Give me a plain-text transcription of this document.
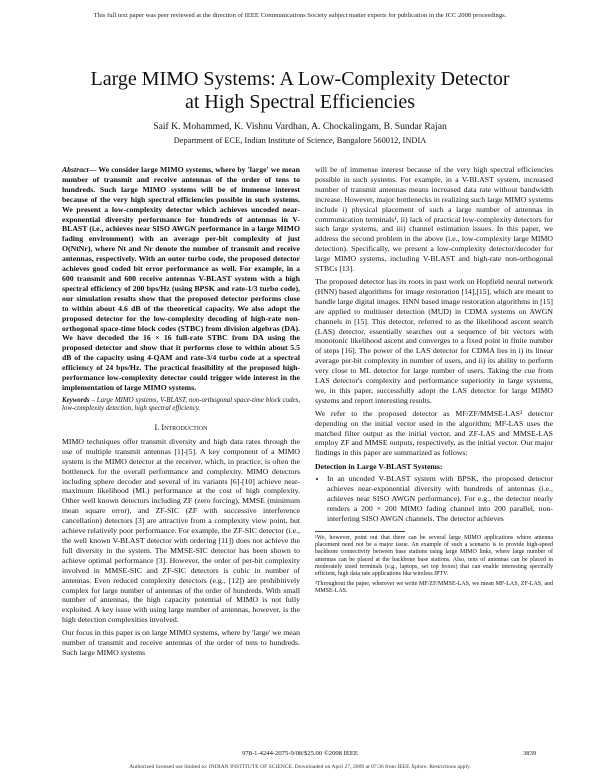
This full text paper was peer reviewed at the direction of IEEE Communications Society subject matter experts for publication in the ICC 2008 proceedings.
Large MIMO Systems: A Low-Complexity Detector
at High Spectral Efficiencies
Saif K. Mohammed, K. Vishnu Vardhan, A. Chockalingam, B. Sundar Rajan
Department of ECE, Indian Institute of Science, Bangalore 560012, INDIA

Abstract— We consider large MIMO systems, where by 'large' we mean number of transmit and receive antennas of the order of tens to hundreds. Such large MIMO systems will be of immense interest because of the very high spectral efficiencies possible in such systems. We present a low-complexity detector which achieves uncoded near-exponential diversity performance for hundreds of antennas in V-BLAST (i.e., achieves near SISO AWGN performance in a large MIMO fading environment) with an average per-bit complexity of just O(NtNr), where Nt and Nr denote the number of transmit and receive antennas, respectively. With an outer turbo code, the proposed detector achieves good coded bit error performance as well. For example, in a 600 transmit and 600 receive antennas V-BLAST system with a high spectral efficiency of 200 bps/Hz (using BPSK and rate-1/3 turbo code), our simulation results show that the proposed detector performs close to within about 4.6 dB of the theoretical capacity. We also adopt the proposed detector for the low-complexity decoding of high-rate non-orthogonal space-time block codes (STBC) from division algebras (DA). We have decoded the 16 × 16 full-rate STBC from DA using the proposed detector and show that it performs close to within about 5.5 dB of the capacity using 4-QAM and rate-3/4 turbo code at a spectral efficiency of 24 bps/Hz. The practical feasibility of the proposed high-performance low-complexity detector could trigger wide interest in the implementation of large MIMO systems.

Keywords – Large MIMO systems, V-BLAST, non-orthogonal space-time block codes, low-complexity detection, high spectral efficiency.

I. Introduction

MIMO techniques offer transmit diversity and high data rates through the use of multiple transmit antennas [1]-[5]. A key component of a MIMO system is the MIMO detector at the receiver, which, in practice, is often the bottleneck for the overall performance and complexity. MIMO detectors including sphere decoder and several of its variants [6]-[10] achieve near-maximum likelihood (ML) performance at the cost of high complexity. Other well known detectors including ZF (zero forcing), MMSE (minimum mean square error), and ZF-SIC (ZF with successive interference cancellation) detectors [3] are attractive from a complexity view point, but achieve relatively poor performance. For example, the ZF-SIC detector (i.e., the well known V-BLAST detector with ordering [11]) does not achieve the full diversity in the system. The MMSE-SIC detector has been shown to achieve optimal performance [3]. However, the order of per-bit complexity involved in MMSE-SIC and ZF-SIC detectors is cubic in number of antennas. Even reduced complexity detectors (e.g., [12]) are prohibitively complex for large number of antennas of the order of hundreds. With small number of antennas, the high capacity potential of MIMO is not fully exploited. A key issue with using large number of antennas, however, is the high detection complexities involved.

Our focus in this paper is on large MIMO systems, where by 'large' we mean number of transmit and receive antennas of the order of tens to hundreds. Such large MIMO systems

will be of immense interest because of the very high spectral efficiencies possible in such systems. For example, in a V-BLAST system, increased number of transmit antennas means increased data rate without bandwidth increase. However, major bottlenecks in realizing such large MIMO systems include i) physical placement of such a large number of antennas in communication terminals¹, ii) lack of practical low-complexity detectors for such large systems, and iii) channel estimation issues. In this paper, we address the second problem in the above (i.e., low-complexity large MIMO detection). Specifically, we present a low-complexity detector/decoder for large MIMO systems, including V-BLAST and high-rate non-orthogonal STBCs [13].

The proposed detector has its roots in past work on Hopfield neural network (HNN) based algorithms for image restoration [14],[15], which are meant to handle large digital images. HNN based image restoration algorithms in [15] are applied to multiuser detection (MUD) in CDMA systems on AWGN channels in [15]. This detector, referred to as the likelihood ascent search (LAS) detector, essentially searches out a sequence of bit vectors with monotonic likelihood ascent and converges to a fixed point in finite number of steps [16]. The power of the LAS detector for CDMA lies in i) its linear average per-bit complexity in number of users, and ii) its ability to perform very close to ML detector for large number of users. Taking the cue from LAS detector's complexity and performance superiority in large systems, we, in this paper, successfully adopt the LAS detector for large MIMO systems and report interesting results.

We refer to the proposed detector as MF/ZF/MMSE-LAS² detector depending on the initial vector used in the algorithm; MF-LAS uses the matched filter output as the initial vector, and ZF-LAS and MMSE-LAS employ ZF and MMSE outputs, respectively, as the initial vector. Our major findings in this paper are summarized as follows:

Detection in Large V-BLAST Systems:
• In an uncoded V-BLAST system with BPSK, the proposed detector achieves near-exponential diversity with hundreds of antennas (i.e., achieves near SISO AWGN performance). For e.g., the detector nearly renders a 200 × 200 MIMO fading channel into 200 parallel, non-interfering SISO AWGN channels. The detector achieves

¹We, however, point out that there can be several large MIMO applications where antenna placement need not be a major issue. An example of such a scenario is to provide high-speed backbone connectivity between base stations using large MIMO links, where large number of antennas can be placed at the backbone base stations. Also, tens of antennas can be placed in moderately sized terminals (e.g., laptops, set top boxes) that can enable interesting spectrally efficient, high data rate applications like wireless IPTV.

²Throughout the paper, wherever we write MF/ZF/MMSE-LAS, we mean MF-LAS, ZF-LAS, and MMSE-LAS.

978-1-4244-2075-9/08/$25.00 ©2008 IEEE	3839
Authorized licensed use limited to: INDIAN INSTITUTE OF SCIENCE. Downloaded on April 27, 2009 at 07:36 from IEEE Xplore. Restrictions apply.
